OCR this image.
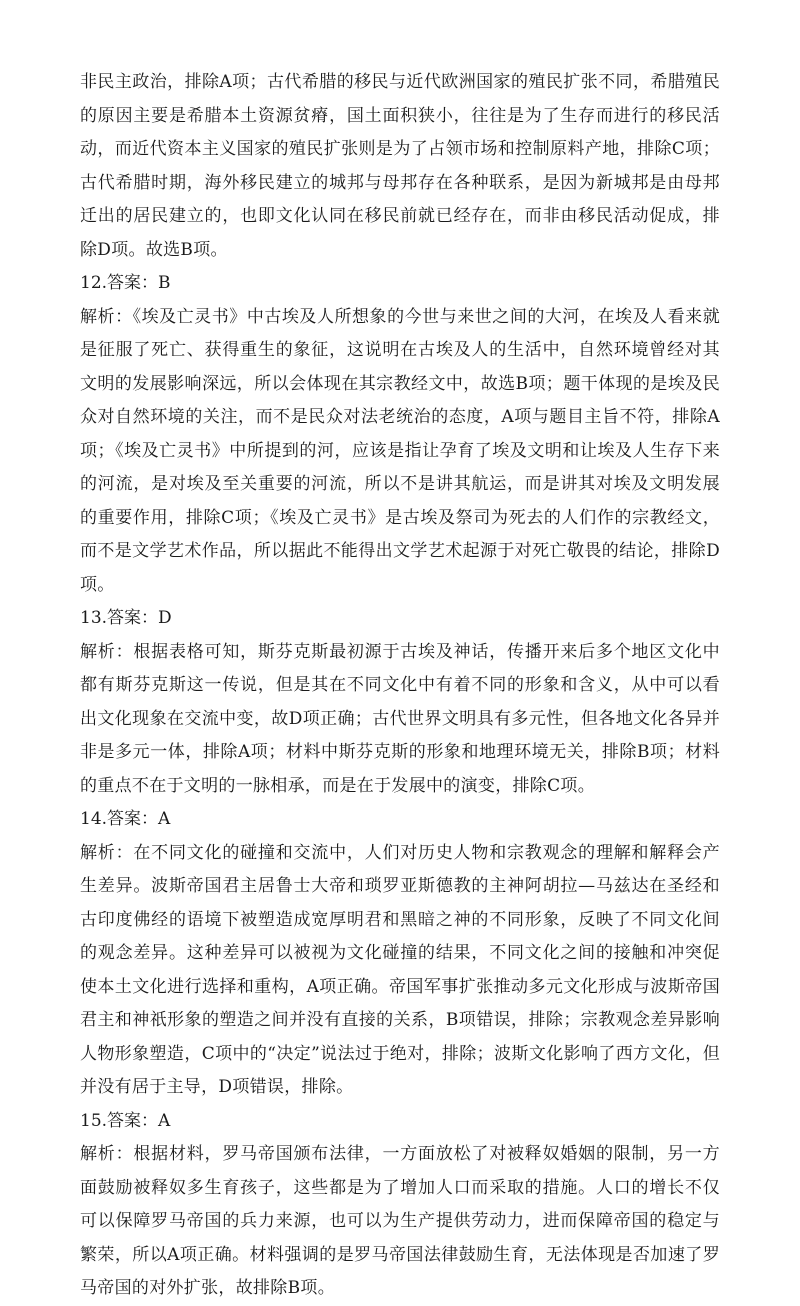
非民主政治，排除A项；古代希腊的移民与近代欧洲国家的殖民扩张不同，希腊殖民的原因主要是希腊本土资源贫瘠，国土面积狭小，往往是为了生存而进行的移民活动，而近代资本主义国家的殖民扩张则是为了占领市场和控制原料产地，排除C项；古代希腊时期，海外移民建立的城邦与母邦存在各种联系，是因为新城邦是由母邦迁出的居民建立的，也即文化认同在移民前就已经存在，而非由移民活动促成，排除D项。故选B项。

12.答案：B

解析：《埃及亡灵书》中古埃及人所想象的今世与来世之间的大河，在埃及人看来就是征服了死亡、获得重生的象征，这说明在古埃及人的生活中，自然环境曾经对其文明的发展影响深远，所以会体现在其宗教经文中，故选B项；题干体现的是埃及民众对自然环境的关注，而不是民众对法老统治的态度，A项与题目主旨不符，排除A项；《埃及亡灵书》中所提到的河，应该是指让孕育了埃及文明和让埃及人生存下来的河流，是对埃及至关重要的河流，所以不是讲其航运，而是讲其对埃及文明发展的重要作用，排除C项；《埃及亡灵书》是古埃及祭司为死去的人们作的宗教经文，而不是文学艺术作品，所以据此不能得出文学艺术起源于对死亡敬畏的结论，排除D项。

13.答案：D

解析：根据表格可知，斯芬克斯最初源于古埃及神话，传播开来后多个地区文化中都有斯芬克斯这一传说，但是其在不同文化中有着不同的形象和含义，从中可以看出文化现象在交流中变，故D项正确；古代世界文明具有多元性，但各地文化各异并非是多元一体，排除A项；材料中斯芬克斯的形象和地理环境无关，排除B项；材料的重点不在于文明的一脉相承，而是在于发展中的演变，排除C项。

14.答案：A

解析：在不同文化的碰撞和交流中，人们对历史人物和宗教观念的理解和解释会产生差异。波斯帝国君主居鲁士大帝和琐罗亚斯德教的主神阿胡拉—马兹达在圣经和古印度佛经的语境下被塑造成宽厚明君和黑暗之神的不同形象，反映了不同文化间的观念差异。这种差异可以被视为文化碰撞的结果，不同文化之间的接触和冲突促使本土文化进行选择和重构，A项正确。帝国军事扩张推动多元文化形成与波斯帝国君主和神祇形象的塑造之间并没有直接的关系，B项错误，排除；宗教观念差异影响人物形象塑造，C项中的“决定”说法过于绝对，排除；波斯文化影响了西方文化，但并没有居于主导，D项错误，排除。

15.答案：A

解析：根据材料，罗马帝国颁布法律，一方面放松了对被释奴婚姻的限制，另一方面鼓励被释奴多生育孩子，这些都是为了增加人口而采取的措施。人口的增长不仅可以保障罗马帝国的兵力来源，也可以为生产提供劳动力，进而保障帝国的稳定与繁荣，所以A项正确。材料强调的是罗马帝国法律鼓励生育，无法体现是否加速了罗马帝国的对外扩张，故排除B项。
